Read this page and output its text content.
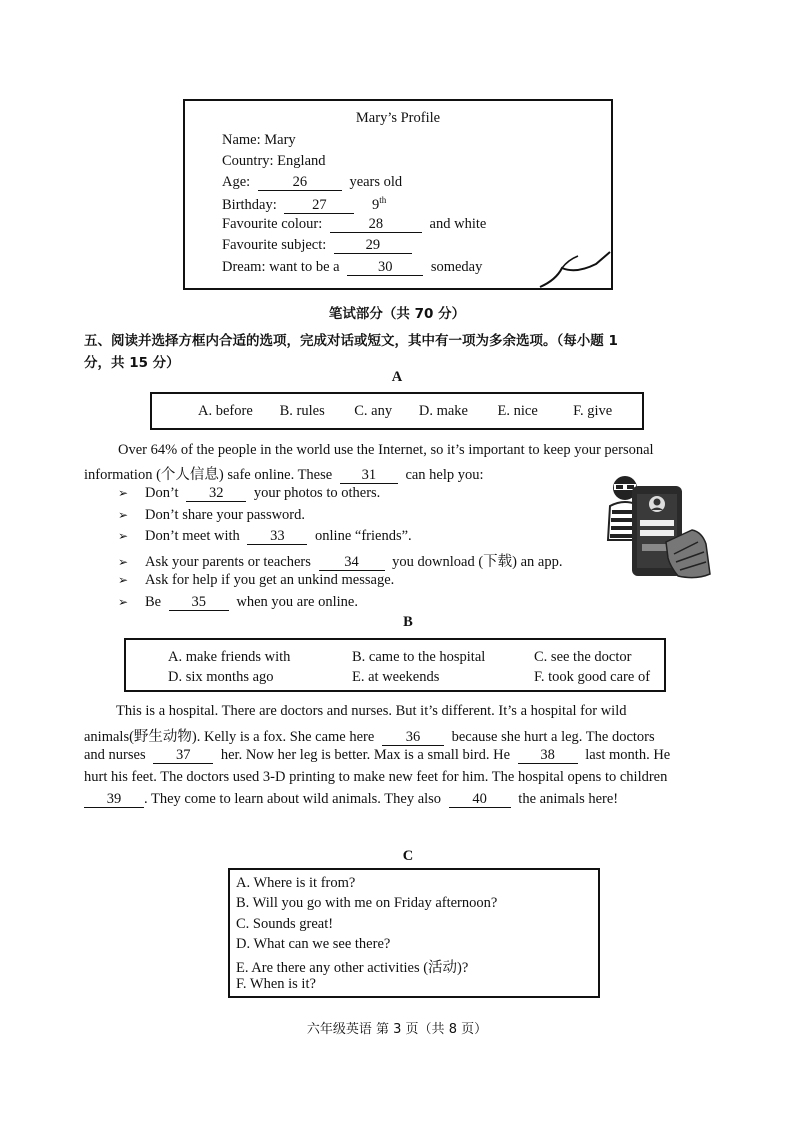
Mary’s Profile
Name: Mary
Country: England
Age:	26	years old
Birthday: 27	9th
Favourite colour:	28	and white
Favourite subject:	29
Dream: want to be a	30	someday
笔试部分（共 70 分）
五、阅读并选择方框内合适的选项，完成对话或短文，其中有一项为多余选项。（每小题 1
分，共 15 分）
A
A. before B. rules C. any D. make E. nice F. give
Over 64% of the people in the world use the Internet, so it’s important to keep your personal
information (个人信息) safe online. These 31 can help you:
➢ Don’t 32 your photos to others.
➢ Don’t share your password.
➢ Don’t meet with 33 online “friends”.
➢ Ask your parents or teachers 34 you download (下载) an app.
➢ Ask for help if you get an unkind message.
➢ Be 35 when you are online.
B
A. make friends with	B. came to the hospital	C. see the doctor
D. six months ago	E. at weekends	F. took good care of
This is a hospital. There are doctors and nurses. But it’s different. It’s a hospital for wild
animals(野生动物). Kelly is a fox. She came here 36 because she hurt a leg. The doctors
and nurses 37 her. Now her leg is better. Max is a small bird. He 38 last month. He
hurt his feet. The doctors used 3-D printing to make new feet for him. The hospital opens to children
39 . They come to learn about wild animals. They also 40 the animals here!
C
A. Where is it from?
B. Will you go with me on Friday afternoon?
C. Sounds great!
D. What can we see there?
E. Are there any other activities (活动)?
F. When is it?
六年级英语 第 3 页（共 8 页）
